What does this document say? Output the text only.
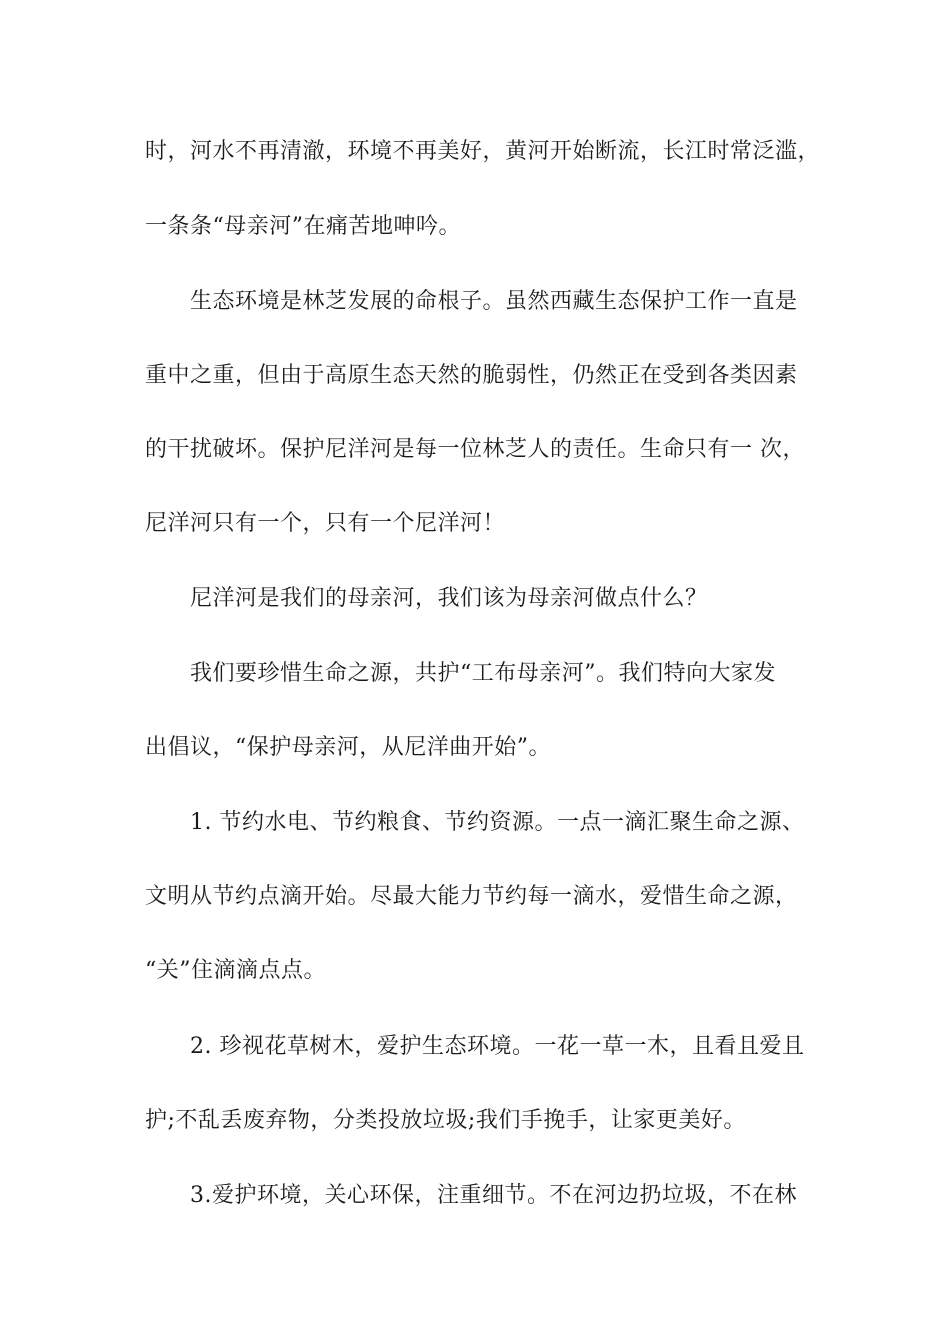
时，河水不再清澈，环境不再美好，黄河开始断流，长江时常泛滥，
一条条“母亲河”在痛苦地呻吟。
生态环境是林芝发展的命根子。虽然西藏生态保护工作一直是
重中之重，但由于高原生态天然的脆弱性，仍然正在受到各类因素
的干扰破坏。保护尼洋河是每一位林芝人的责任。生命只有一 次，
尼洋河只有一个，只有一个尼洋河！
尼洋河是我们的母亲河，我们该为母亲河做点什么？
我们要珍惜生命之源，共护“工布母亲河”。我们特向大家发
出倡议，“保护母亲河，从尼洋曲开始”。
1. 节约水电、节约粮食、节约资源。一点一滴汇聚生命之源、
文明从节约点滴开始。尽最大能力节约每一滴水，爱惜生命之源，
“关”住滴滴点点。
2. 珍视花草树木，爱护生态环境。一花一草一木，且看且爱且
护;不乱丢废弃物，分类投放垃圾;我们手挽手，让家更美好。
3.爱护环境，关心环保，注重细节。不在河边扔垃圾，不在林
